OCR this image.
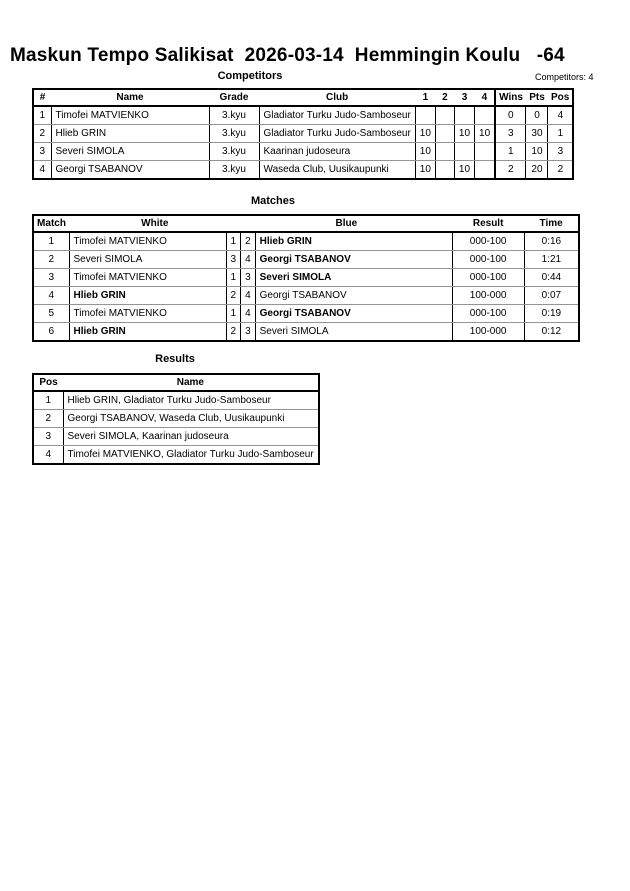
Maskun Tempo Salikisat  2026-03-14  Hemmingin Koulu   -64
Competitors	Competitors: 4
#	Name	Grade	Club	1	2	3	4	Wins	Pts	Pos
1	Timofei MATVIENKO	3.kyu	Gladiator Turku Judo-Samboseur					0	0	4
2	Hlieb GRIN	3.kyu	Gladiator Turku Judo-Samboseur	10		10	10	3	30	1
3	Severi SIMOLA	3.kyu	Kaarinan judoseura	10				1	10	3
4	Georgi TSABANOV	3.kyu	Waseda Club, Uusikaupunki	10		10		2	20	2
Matches
Match	White		Blue		Result	Time
1	Timofei MATVIENKO	1	2	Hlieb GRIN	000-100	0:16
2	Severi SIMOLA	3	4	Georgi TSABANOV	000-100	1:21
3	Timofei MATVIENKO	1	3	Severi SIMOLA	000-100	0:44
4	Hlieb GRIN	2	4	Georgi TSABANOV	100-000	0:07
5	Timofei MATVIENKO	1	4	Georgi TSABANOV	000-100	0:19
6	Hlieb GRIN	2	3	Severi SIMOLA	100-000	0:12
Results
Pos	Name
1	Hlieb GRIN, Gladiator Turku Judo-Samboseur
2	Georgi TSABANOV, Waseda Club, Uusikaupunki
3	Severi SIMOLA, Kaarinan judoseura
4	Timofei MATVIENKO, Gladiator Turku Judo-Samboseur
